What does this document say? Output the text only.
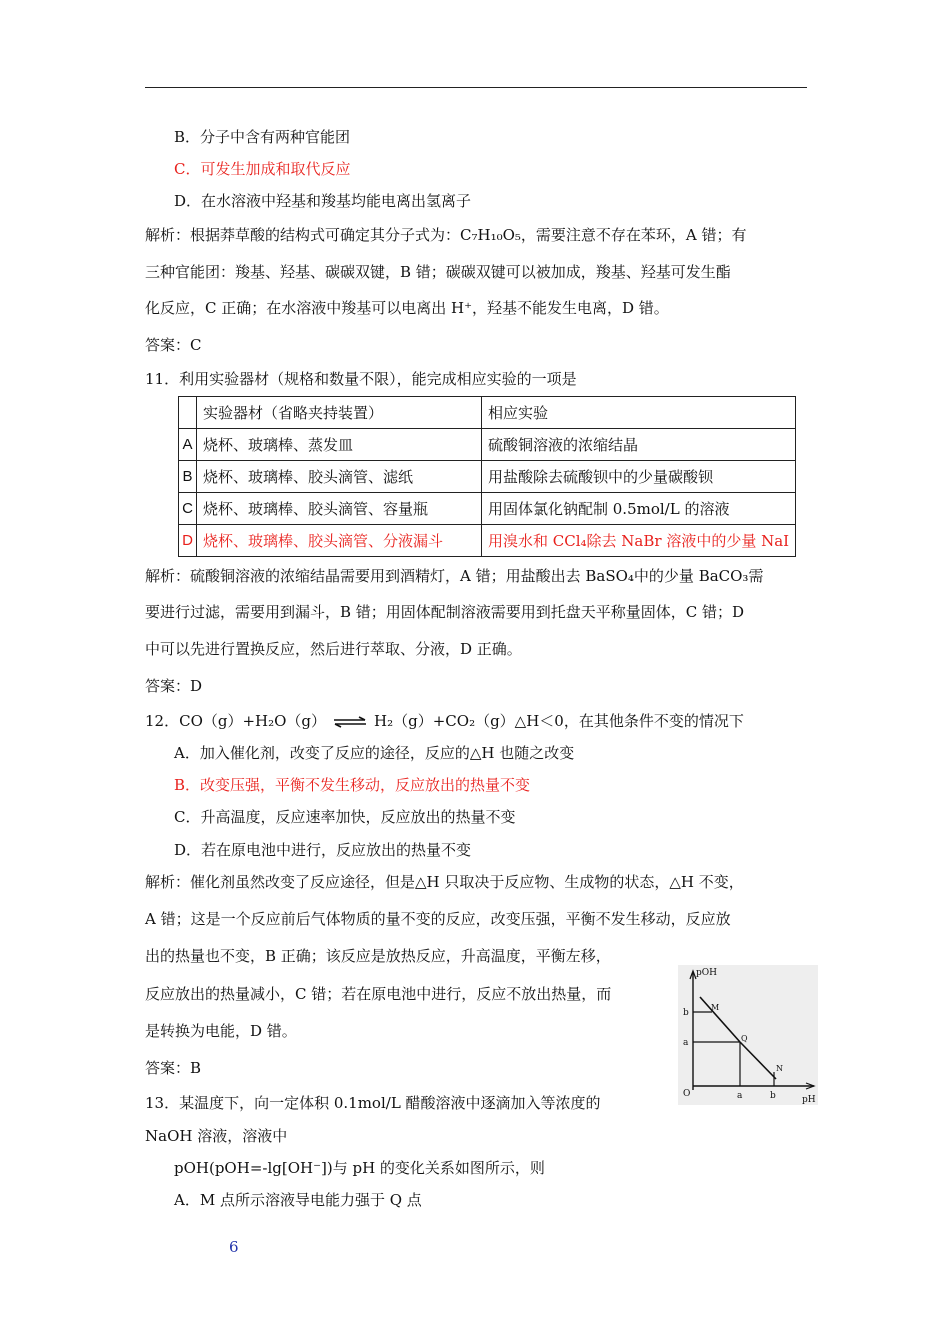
B．分子中含有两种官能团
C．可发生加成和取代反应
D．在水溶液中羟基和羧基均能电离出氢离子
解析：根据莽草酸的结构式可确定其分子式为：C₇H₁₀O₅，需要注意不存在苯环，A 错；有
三种官能团：羧基、羟基、碳碳双键，B 错；碳碳双键可以被加成，羧基、羟基可发生酯
化反应，C 正确；在水溶液中羧基可以电离出 H⁺，羟基不能发生电离，D 错。
答案：C
11．利用实验器材（规格和数量不限），能完成相应实验的一项是
	实验器材（省略夹持装置）	相应实验
A	烧杯、玻璃棒、蒸发皿	硫酸铜溶液的浓缩结晶
B	烧杯、玻璃棒、胶头滴管、滤纸	用盐酸除去硫酸钡中的少量碳酸钡
C	烧杯、玻璃棒、胶头滴管、容量瓶	用固体氯化钠配制 0.5mol/L 的溶液
D	烧杯、玻璃棒、胶头滴管、分液漏斗	用溴水和 CCl₄除去 NaBr 溶液中的少量 NaI
解析：硫酸铜溶液的浓缩结晶需要用到酒精灯，A 错；用盐酸出去 BaSO₄中的少量 BaCO₃需
要进行过滤，需要用到漏斗，B 错；用固体配制溶液需要用到托盘天平称量固体，C 错；D
中可以先进行置换反应，然后进行萃取、分液，D 正确。
答案：D
12．CO（g）+H₂O（g） ⇌ H₂（g）+CO₂（g）△H＜0，在其他条件不变的情况下
A．加入催化剂，改变了反应的途径，反应的△H 也随之改变
B．改变压强，平衡不发生移动，反应放出的热量不变
C．升高温度，反应速率加快，反应放出的热量不变
D．若在原电池中进行，反应放出的热量不变
解析：催化剂虽然改变了反应途径，但是△H 只取决于反应物、生成物的状态，△H 不变，
A 错；这是一个反应前后气体物质的量不变的反应，改变压强，平衡不发生移动，反应放
出的热量也不变，B 正确；该反应是放热反应，升高温度，平衡左移，
反应放出的热量减小，C 错；若在原电池中进行，反应不放出热量，而
是转换为电能，D 错。
答案：B
pOH
pH
O
b
a
a	b
M
Q
N
13．某温度下，向一定体积 0.1mol/L 醋酸溶液中逐滴加入等浓度的
NaOH 溶液，溶液中
pOH(pOH=-lg[OH⁻])与 pH 的变化关系如图所示，则
A．M 点所示溶液导电能力强于 Q 点
6
